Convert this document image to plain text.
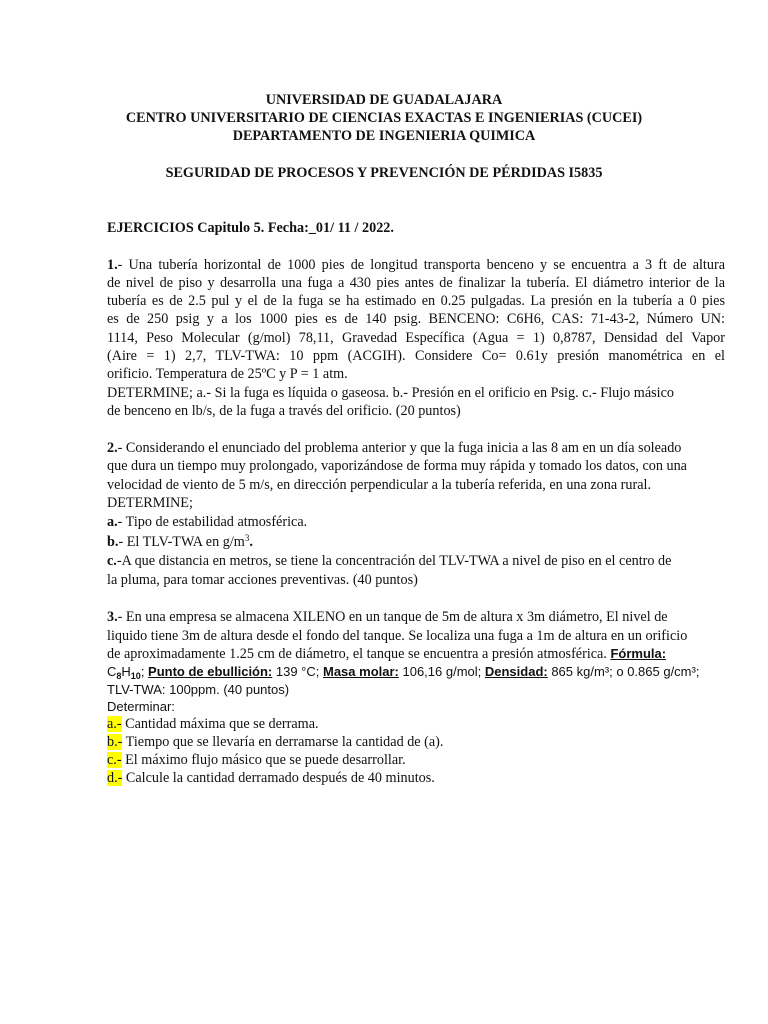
UNIVERSIDAD DE GUADALAJARA
CENTRO UNIVERSITARIO DE CIENCIAS EXACTAS E INGENIERIAS (CUCEI)
DEPARTAMENTO DE INGENIERIA QUIMICA
SEGURIDAD DE PROCESOS Y PREVENCIÓN DE PÉRDIDAS I5835
EJERCICIOS Capitulo 5. Fecha:_01/ 11 / 2022.
1.- Una tubería horizontal de 1000 pies de longitud transporta benceno y se encuentra a 3 ft de altura
de nivel de piso y desarrolla una fuga a 430 pies antes de finalizar la tubería. El diámetro interior de la
tubería es de 2.5 pul y el de la fuga se ha estimado en 0.25 pulgadas. La presión en la tubería a 0 pies
es de 250 psig y a los 1000 pies es de 140 psig. BENCENO: C6H6, CAS: 71-43-2, Número UN:
1114, Peso Molecular (g/mol) 78,11, Gravedad Específica (Agua = 1) 0,8787, Densidad del Vapor
(Aire = 1) 2,7, TLV-TWA: 10 ppm (ACGIH). Considere Co= 0.61y presión manométrica en el
orificio. Temperatura de 25ºC y P = 1 atm.
DETERMINE; a.- Si la fuga es líquida o gaseosa. b.- Presión en el orificio en Psig. c.- Flujo másico
de benceno en lb/s, de la fuga a través del orificio. (20 puntos)
2.- Considerando el enunciado del problema anterior y que la fuga inicia a las 8 am en un día soleado
que dura un tiempo muy prolongado, vaporizándose de forma muy rápida y tomado los datos, con una
velocidad de viento de 5 m/s, en dirección perpendicular a la tubería referida, en una zona rural.
DETERMINE;
a.- Tipo de estabilidad atmosférica.
b.- El TLV-TWA en $g/m^3$.
c.-A que distancia en metros, se tiene la concentración del TLV-TWA a nivel de piso en el centro de
la pluma, para tomar acciones preventivas. (40 puntos)
3.- En una empresa se almacena XILENO en un tanque de 5m de altura x 3m diámetro, El nivel de
liquido tiene 3m de altura desde el fondo del tanque. Se localiza una fuga a 1m de altura en un orificio
de aproximadamente 1.25 cm de diámetro, el tanque se encuentra a presión atmosférica. Fórmula:
$C_8H_{10}$; Punto de ebullición: 139 °C; Masa molar: 106,16 g/mol; Densidad: 865 kg/m³; o 0.865 g/cm³;
TLV-TWA: 100ppm. (40 puntos)
Determinar:
a.- Cantidad máxima que se derrama.
b.- Tiempo que se llevaría en derramarse la cantidad de (a).
c.- El máximo flujo másico que se puede desarrollar.
d.- Calcule la cantidad derramado después de 40 minutos.
